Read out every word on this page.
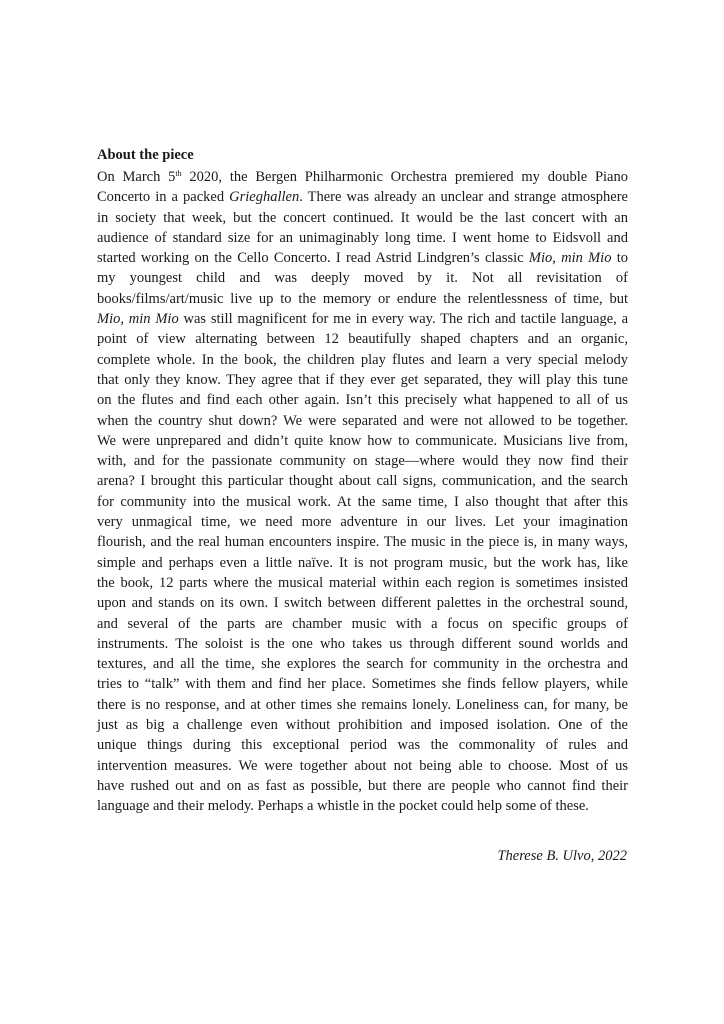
About the piece
On March 5th 2020, the Bergen Philharmonic Orchestra premiered my double Piano
Concerto in a packed Grieghallen. There was already an unclear and strange atmosphere
in society that week, but the concert continued. It would be the last concert with an
audience of standard size for an unimaginably long time. I went home to Eidsvoll and
started working on the Cello Concerto. I read Astrid Lindgren’s classic Mio, min Mio to
my youngest child and was deeply moved by it. Not all revisitation of
books/films/art/music live up to the memory or endure the relentlessness of time, but
Mio, min Mio was still magnificent for me in every way. The rich and tactile language, a
point of view alternating between 12 beautifully shaped chapters and an organic,
complete whole. In the book, the children play flutes and learn a very special melody
that only they know. They agree that if they ever get separated, they will play this tune
on the flutes and find each other again. Isn’t this precisely what happened to all of us
when the country shut down? We were separated and were not allowed to be together.
We were unprepared and didn’t quite know how to communicate. Musicians live from,
with, and for the passionate community on stage—where would they now find their
arena? I brought this particular thought about call signs, communication, and the search
for community into the musical work. At the same time, I also thought that after this
very unmagical time, we need more adventure in our lives. Let your imagination
flourish, and the real human encounters inspire. The music in the piece is, in many ways,
simple and perhaps even a little naïve. It is not program music, but the work has, like
the book, 12 parts where the musical material within each region is sometimes insisted
upon and stands on its own. I switch between different palettes in the orchestral sound,
and several of the parts are chamber music with a focus on specific groups of
instruments. The soloist is the one who takes us through different sound worlds and
textures, and all the time, she explores the search for community in the orchestra and
tries to “talk” with them and find her place. Sometimes she finds fellow players, while
there is no response, and at other times she remains lonely. Loneliness can, for many, be
just as big a challenge even without prohibition and imposed isolation. One of the
unique things during this exceptional period was the commonality of rules and
intervention measures. We were together about not being able to choose. Most of us
have rushed out and on as fast as possible, but there are people who cannot find their
language and their melody. Perhaps a whistle in the pocket could help some of these.
Therese B. Ulvo, 2022
